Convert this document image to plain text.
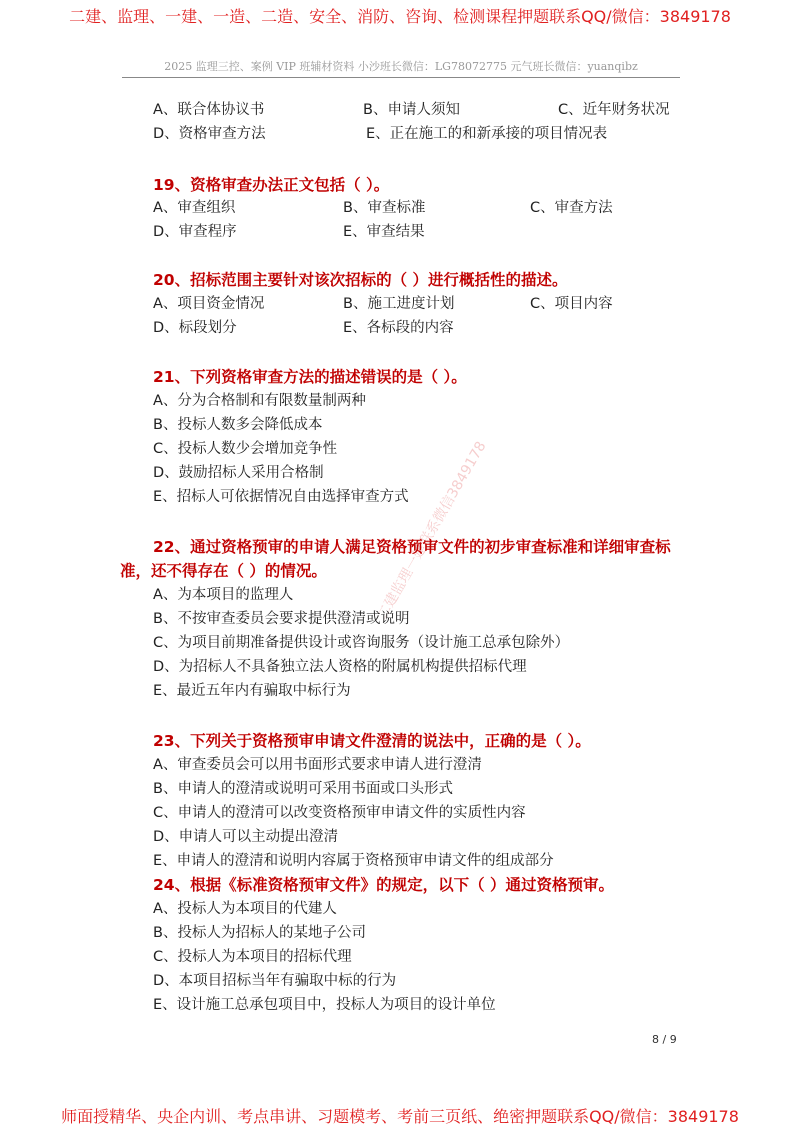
二建、监理、一建、一造、二造、安全、消防、咨询、检测课程押题联系QQ/微信：3849178
2025 监理三控、案例 VIP 班辅材资料 小沙班长微信：LG78072775 元气班长微信：yuanqibz
二建监理一建联系微信3849178
A、联合体协议书	B、申请人须知	C、近年财务状况
D、资格审查方法	E、正在施工的和新承接的项目情况表
19、资格审查办法正文包括（ ）。
A、审查组织	B、审查标准	C、审查方法
D、审查程序	E、审查结果
20、招标范围主要针对该次招标的（ ）进行概括性的描述。
A、项目资金情况	B、施工进度计划	C、项目内容
D、标段划分	E、各标段的内容
21、下列资格审查方法的描述错误的是（ ）。
A、分为合格制和有限数量制两种
B、投标人数多会降低成本
C、投标人数少会增加竞争性
D、鼓励招标人采用合格制
E、招标人可依据情况自由选择审查方式
22、通过资格预审的申请人满足资格预审文件的初步审查标准和详细审查标准，还不得存在（ ）的情况。
A、为本项目的监理人
B、不按审查委员会要求提供澄清或说明
C、为项目前期准备提供设计或咨询服务（设计施工总承包除外）
D、为招标人不具备独立法人资格的附属机构提供招标代理
E、最近五年内有骗取中标行为
23、下列关于资格预审申请文件澄清的说法中，正确的是（ ）。
A、审查委员会可以用书面形式要求申请人进行澄清
B、申请人的澄清或说明可采用书面或口头形式
C、申请人的澄清可以改变资格预审申请文件的实质性内容
D、申请人可以主动提出澄清
E、申请人的澄清和说明内容属于资格预审申请文件的组成部分
24、根据《标准资格预审文件》的规定，以下（ ）通过资格预审。
A、投标人为本项目的代建人
B、投标人为招标人的某地子公司
C、投标人为本项目的招标代理
D、本项目招标当年有骗取中标的行为
E、设计施工总承包项目中，投标人为项目的设计单位
8 / 9
师面授精华、央企内训、考点串讲、习题模考、考前三页纸、绝密押题联系QQ/微信：3849178
